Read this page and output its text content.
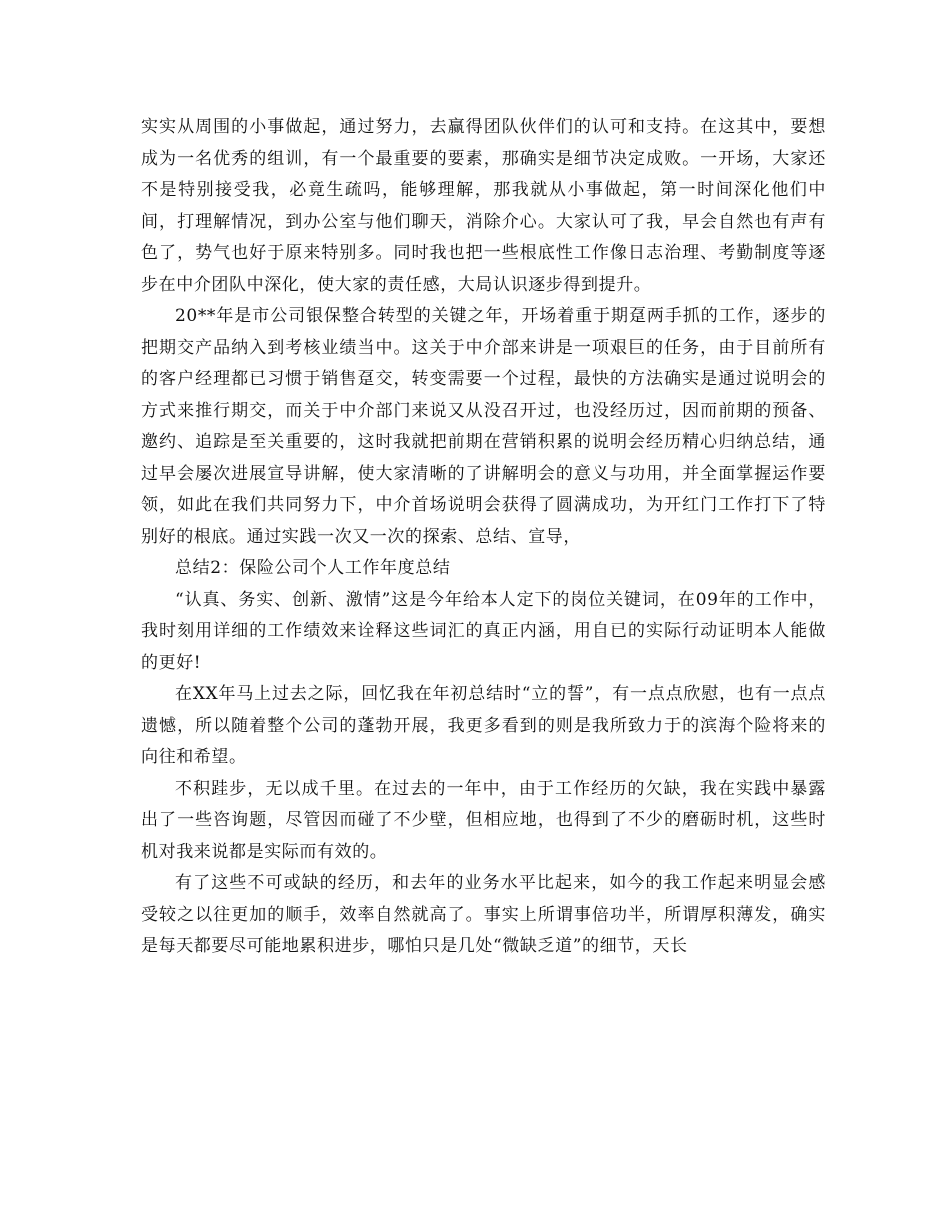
实实从周围的小事做起，通过努力，去赢得团队伙伴们的认可和支持。在这其中，要想成为一名优秀的组训，有一个最重要的要素，那确实是细节决定成败。一开场，大家还不是特别接受我，必竟生疏吗，能够理解，那我就从小事做起，第一时间深化他们中间，打理解情况，到办公室与他们聊天，消除介心。大家认可了我，早会自然也有声有色了，势气也好于原来特别多。同时我也把一些根底性工作像日志治理、考勤制度等逐步在中介团队中深化，使大家的责任感，大局认识逐步得到提升。

20**年是市公司银保整合转型的关键之年，开场着重于期趸两手抓的工作，逐步的把期交产品纳入到考核业绩当中。这关于中介部来讲是一项艰巨的任务，由于目前所有的客户经理都已习惯于销售趸交，转变需要一个过程，最快的方法确实是通过说明会的方式来推行期交，而关于中介部门来说又从没召开过，也没经历过，因而前期的预备、邀约、追踪是至关重要的，这时我就把前期在营销积累的说明会经历精心归纳总结，通过早会屡次进展宣导讲解，使大家清晰的了讲解明会的意义与功用，并全面掌握运作要领，如此在我们共同努力下，中介首场说明会获得了圆满成功，为开红门工作打下了特别好的根底。通过实践一次又一次的探索、总结、宣导，

总结2：保险公司个人工作年度总结

“认真、务实、创新、激情”这是今年给本人定下的岗位关键词，在09年的工作中，我时刻用详细的工作绩效来诠释这些词汇的真正内涵，用自已的实际行动证明本人能做的更好!

在XX年马上过去之际，回忆我在年初总结时“立的誓”，有一点点欣慰，也有一点点遗憾，所以随着整个公司的蓬勃开展，我更多看到的则是我所致力于的滨海个险将来的向往和希望。

不积跬步，无以成千里。在过去的一年中，由于工作经历的欠缺，我在实践中暴露出了一些咨询题，尽管因而碰了不少壁，但相应地，也得到了不少的磨砺时机，这些时机对我来说都是实际而有效的。

有了这些不可或缺的经历，和去年的业务水平比起来，如今的我工作起来明显会感受较之以往更加的顺手，效率自然就高了。事实上所谓事倍功半，所谓厚积薄发，确实是每天都要尽可能地累积进步，哪怕只是几处“微缺乏道”的细节，天长
